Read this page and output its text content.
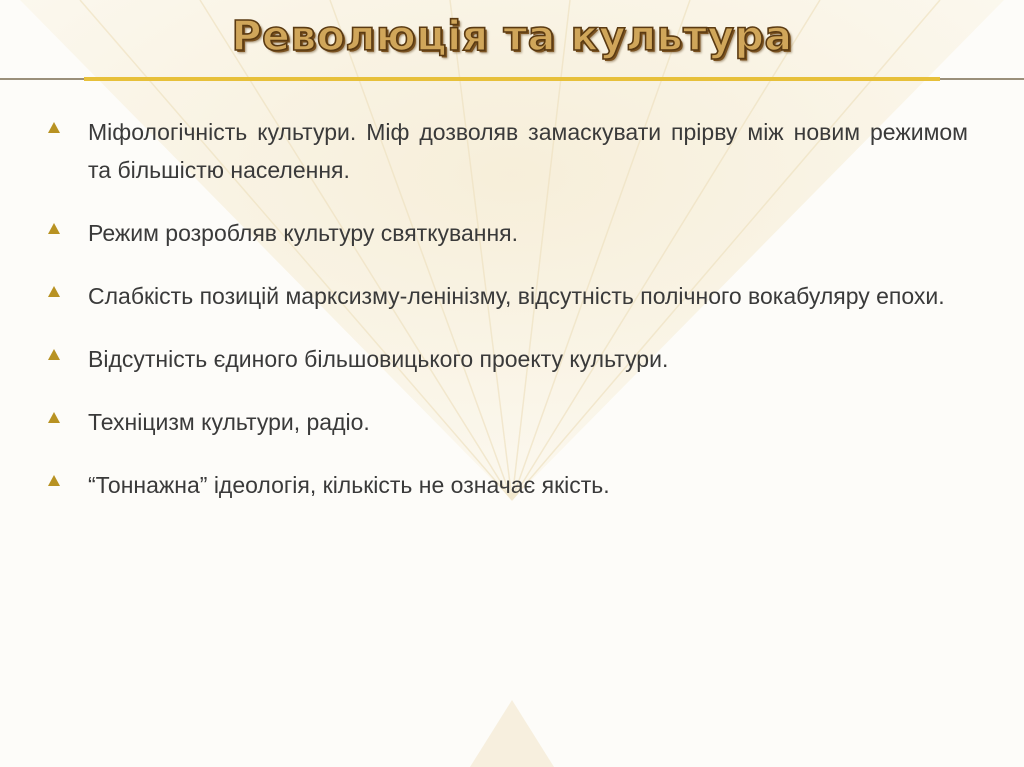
Революція та культура
Міфологічність культури. Міф дозволяв замаскувати прірву між новим режимом та більшістю населення.
Режим розробляв культуру святкування.
Слабкість позицій марксизму-ленінізму, відсутність полічного вокабуляру епохи.
Відсутність єдиного більшовицького проекту культури.
Техніцизм культури, радіо.
“Тоннажна” ідеологія, кількість не означає якість.
